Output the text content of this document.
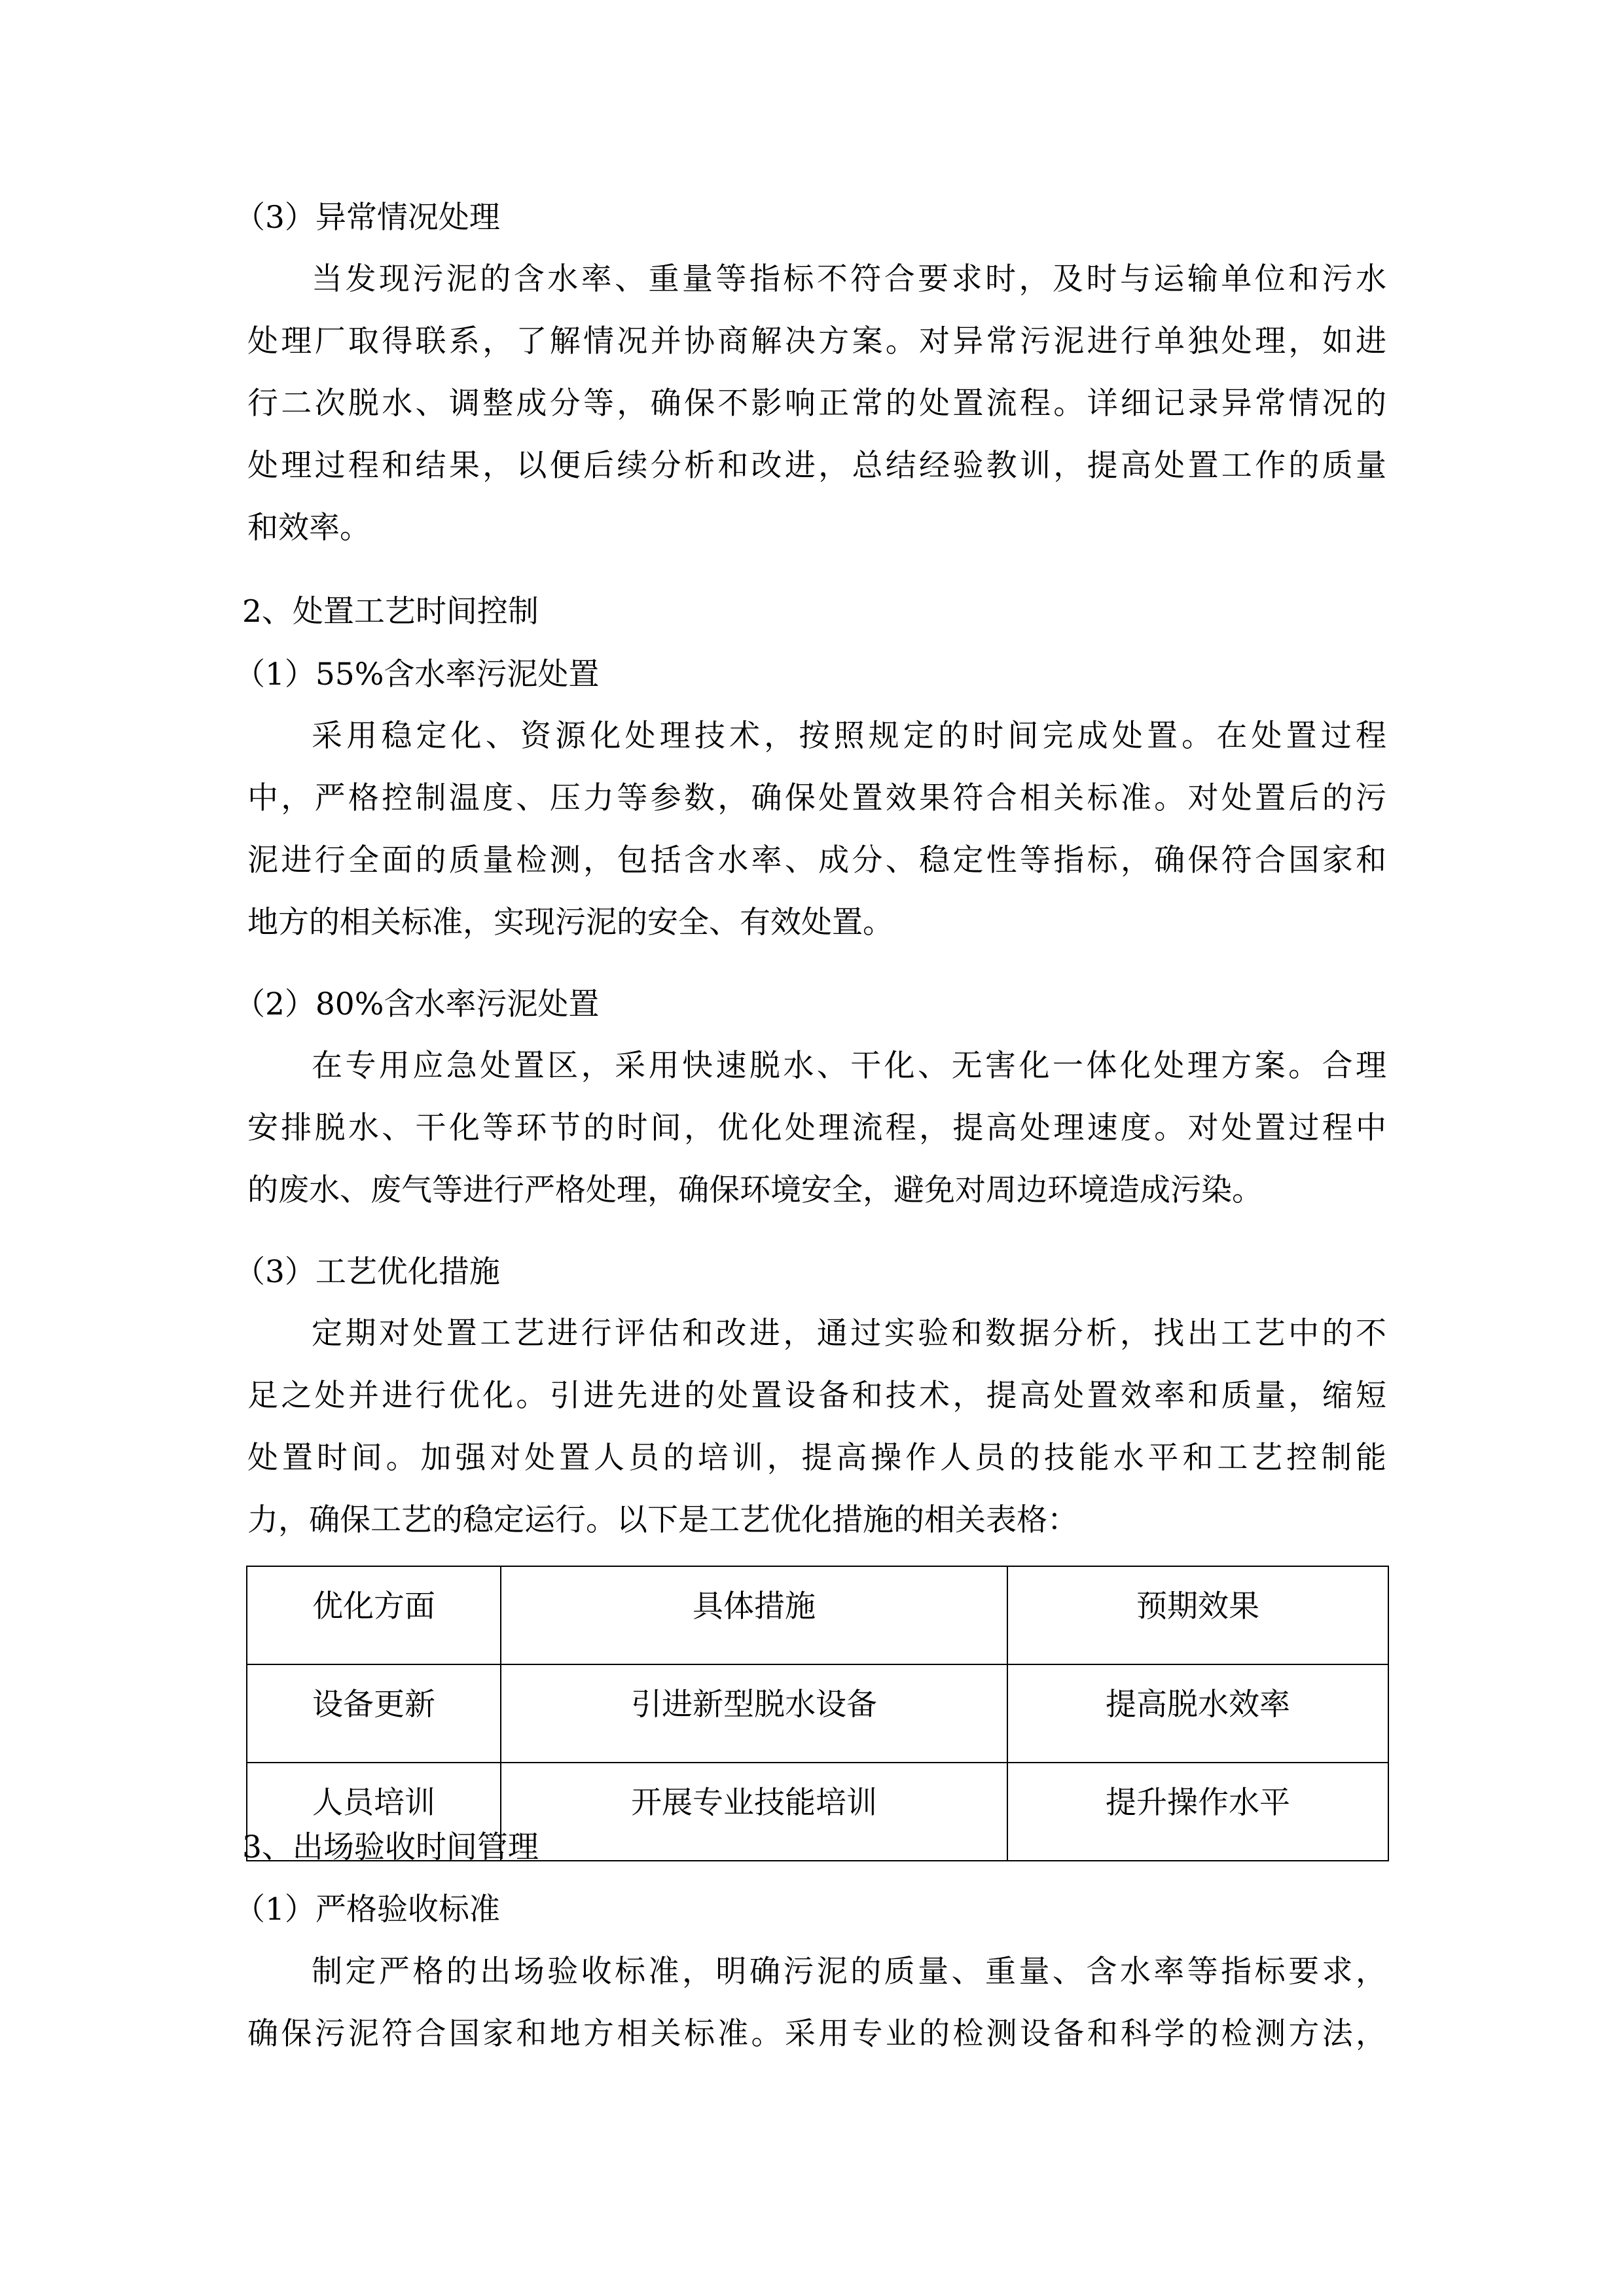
（3）异常情况处理
当发现污泥的含水率、重量等指标不符合要求时，及时与运输单位和污水
处理厂取得联系，了解情况并协商解决方案。对异常污泥进行单独处理，如进
行二次脱水、调整成分等，确保不影响正常的处置流程。详细记录异常情况的
处理过程和结果，以便后续分析和改进，总结经验教训，提高处置工作的质量
和效率。
2、处置工艺时间控制
（1）55%含水率污泥处置
采用稳定化、资源化处理技术，按照规定的时间完成处置。在处置过程
中，严格控制温度、压力等参数，确保处置效果符合相关标准。对处置后的污
泥进行全面的质量检测，包括含水率、成分、稳定性等指标，确保符合国家和
地方的相关标准，实现污泥的安全、有效处置。
（2）80%含水率污泥处置
在专用应急处置区，采用快速脱水、干化、无害化一体化处理方案。合理
安排脱水、干化等环节的时间，优化处理流程，提高处理速度。对处置过程中
的废水、废气等进行严格处理，确保环境安全，避免对周边环境造成污染。
（3）工艺优化措施
定期对处置工艺进行评估和改进，通过实验和数据分析，找出工艺中的不
足之处并进行优化。引进先进的处置设备和技术，提高处置效率和质量，缩短
处置时间。加强对处置人员的培训，提高操作人员的技能水平和工艺控制能
力，确保工艺的稳定运行。以下是工艺优化措施的相关表格：
优化方面	具体措施	预期效果
设备更新	引进新型脱水设备	提高脱水效率
人员培训	开展专业技能培训	提升操作水平
3、出场验收时间管理
（1）严格验收标准
制定严格的出场验收标准，明确污泥的质量、重量、含水率等指标要求，
确保污泥符合国家和地方相关标准。采用专业的检测设备和科学的检测方法，
